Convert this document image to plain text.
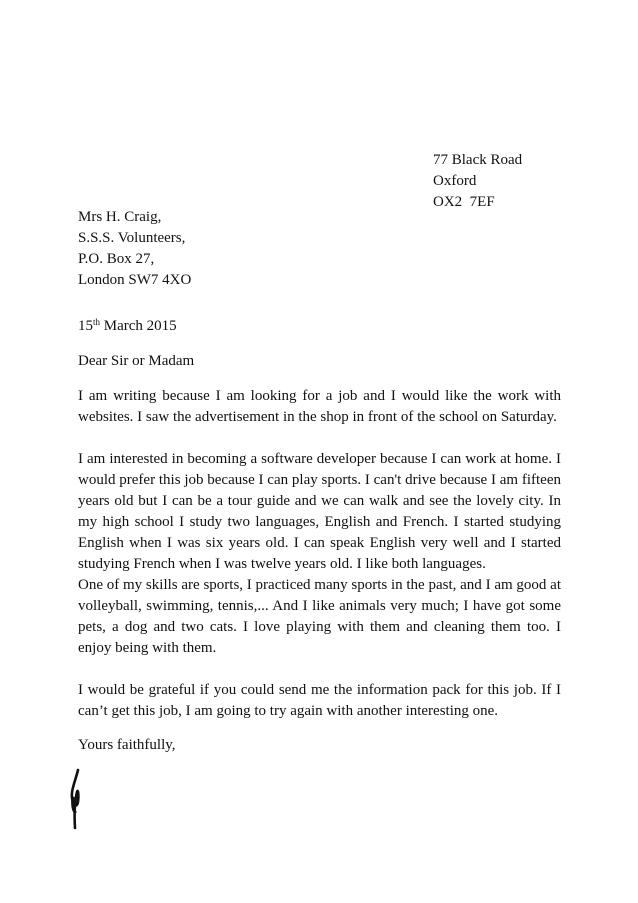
77 Black Road
Oxford
OX2  7EF
Mrs H. Craig,
S.S.S. Volunteers,
P.O. Box 27,
London SW7 4XO
15th March 2015
Dear Sir or Madam

I am writing because I am looking for a job and I would like the work with websites. I saw the advertisement in the shop in front of the school on Saturday.

I am interested in becoming a software developer because I can work at home. I would prefer this job because I can play sports. I can't drive because I am fifteen years old but I can be a tour guide and we can walk and see the lovely city. In my high school I study two languages, English and French. I started studying English when I was six years old. I can speak English very well and I started studying French when I was twelve years old. I like both languages.

One of my skills are sports, I practiced many sports in the past, and I am good at volleyball, swimming, tennis,... And I like animals very much; I have got some pets, a dog and two cats. I love playing with them and cleaning them too. I enjoy being with them.

I would be grateful if you could send me the information pack for this job. If I can’t get this job, I am going to try again with another interesting one.

Yours faithfully,
